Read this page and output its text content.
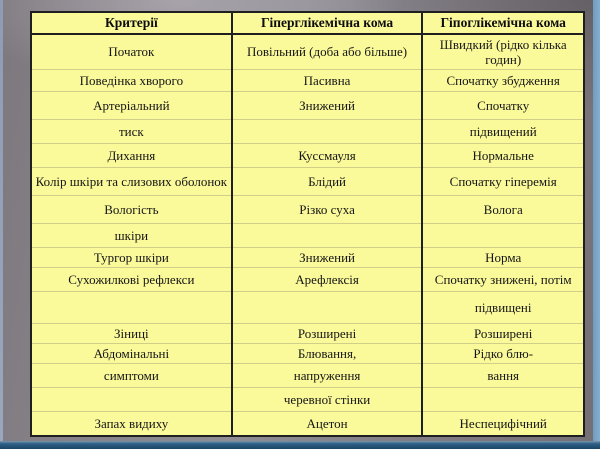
Критерії	Гіперглікемічна кома	Гіпоглікемічна кома

Початок	Повільний (доба або більше)	Швидкий (рідко кілька
годин)

Поведінка хворого	Пасивна	Спочатку збудження

Артеріальний	Знижений	Спочатку

тиск		підвищений

Дихання	Куссмауля	Нормальне

Колір шкіри та слизових оболонок	Блідий	Спочатку гіперемія

Вологість	Різко суха	Волога

шкіри		

Тургор шкіри	Знижений	Норма

Сухожилкові рефлекси	Арефлексія	Спочатку знижені, потім

		підвищені

Зіниці	Розширені	Розширені

Абдомінальні	Блювання,	Рідко блю-

симптоми	напруження	вання

	черевної стінки	

Запах видиху	Ацетон	Неспецифічний
